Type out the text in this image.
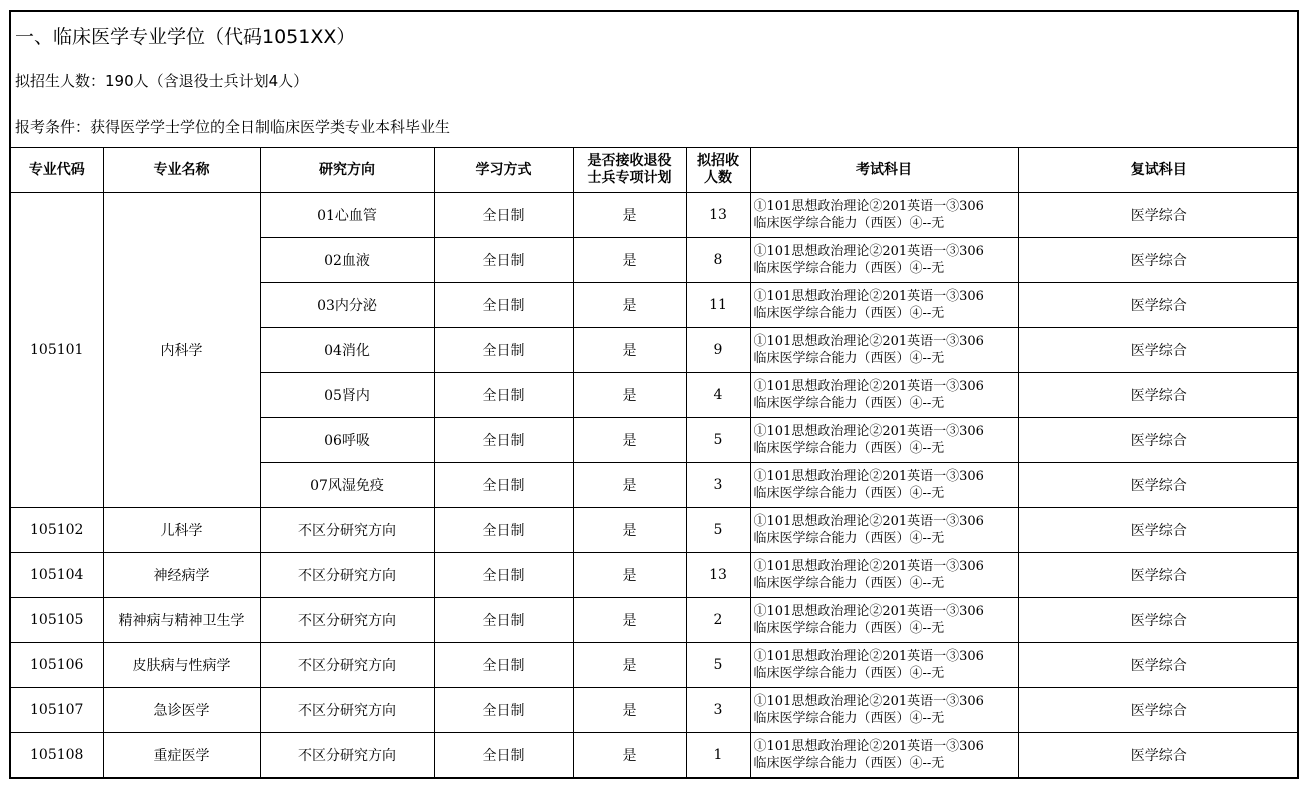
一、临床医学专业学位（代码1051XX）
拟招生人数：190人（含退役士兵计划4人）
报考条件：获得医学学士学位的全日制临床医学类专业本科毕业生
专业代码	专业名称	研究方向	学习方式	是否接收退役
士兵专项计划	拟招收
人数	考试科目	复试科目
105101	内科学	01心血管	全日制	是	13	①101思想政治理论②201英语一③306
临床医学综合能力（西医）④--无	医学综合
		02血液	全日制	是	8	①101思想政治理论②201英语一③306
临床医学综合能力（西医）④--无	医学综合
		03内分泌	全日制	是	11	①101思想政治理论②201英语一③306
临床医学综合能力（西医）④--无	医学综合
		04消化	全日制	是	9	①101思想政治理论②201英语一③306
临床医学综合能力（西医）④--无	医学综合
		05肾内	全日制	是	4	①101思想政治理论②201英语一③306
临床医学综合能力（西医）④--无	医学综合
		06呼吸	全日制	是	5	①101思想政治理论②201英语一③306
临床医学综合能力（西医）④--无	医学综合
		07风湿免疫	全日制	是	3	①101思想政治理论②201英语一③306
临床医学综合能力（西医）④--无	医学综合
105102	儿科学	不区分研究方向	全日制	是	5	①101思想政治理论②201英语一③306
临床医学综合能力（西医）④--无	医学综合
105104	神经病学	不区分研究方向	全日制	是	13	①101思想政治理论②201英语一③306
临床医学综合能力（西医）④--无	医学综合
105105	精神病与精神卫生学	不区分研究方向	全日制	是	2	①101思想政治理论②201英语一③306
临床医学综合能力（西医）④--无	医学综合
105106	皮肤病与性病学	不区分研究方向	全日制	是	5	①101思想政治理论②201英语一③306
临床医学综合能力（西医）④--无	医学综合
105107	急诊医学	不区分研究方向	全日制	是	3	①101思想政治理论②201英语一③306
临床医学综合能力（西医）④--无	医学综合
105108	重症医学	不区分研究方向	全日制	是	1	①101思想政治理论②201英语一③306
临床医学综合能力（西医）④--无	医学综合
